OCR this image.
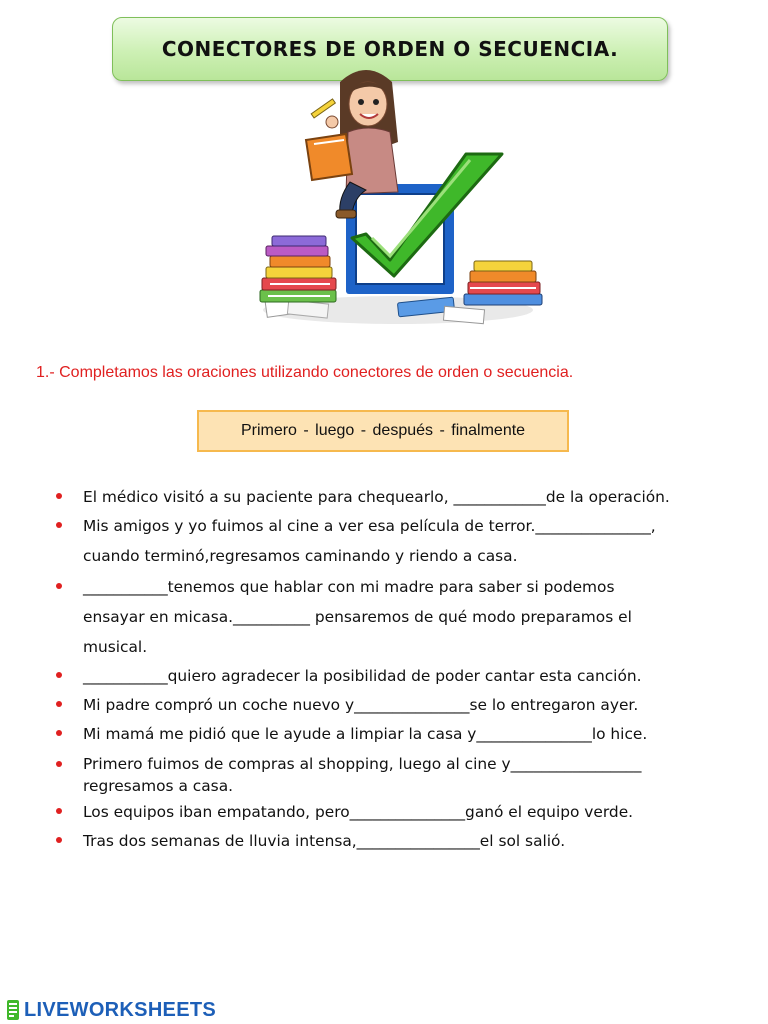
CONECTORES DE ORDEN O SECUENCIA.
1.- Completamos las oraciones utilizando conectores de orden o secuencia.
Primero - luego - después - finalmente
El médico visitó a su paciente para chequearlo, ____________de la operación.
Mis amigos y yo fuimos al cine a ver esa película de terror._______________,
cuando terminó,regresamos caminando y riendo a casa.
___________tenemos que hablar con mi madre para saber si podemos
ensayar en micasa.__________ pensaremos de qué modo preparamos el
musical.
___________quiero agradecer la posibilidad de poder cantar esta canción.
Mi padre compró un coche nuevo y_______________se lo entregaron ayer.
Mi mamá me pidió que le ayude a limpiar la casa y_______________lo hice.
Primero fuimos de compras al shopping, luego al cine y_________________
regresamos a casa.
Los equipos iban empatando, pero_______________ganó el equipo verde.
Tras dos semanas de lluvia intensa,________________el sol salió.
LIVEWORKSHEETS
